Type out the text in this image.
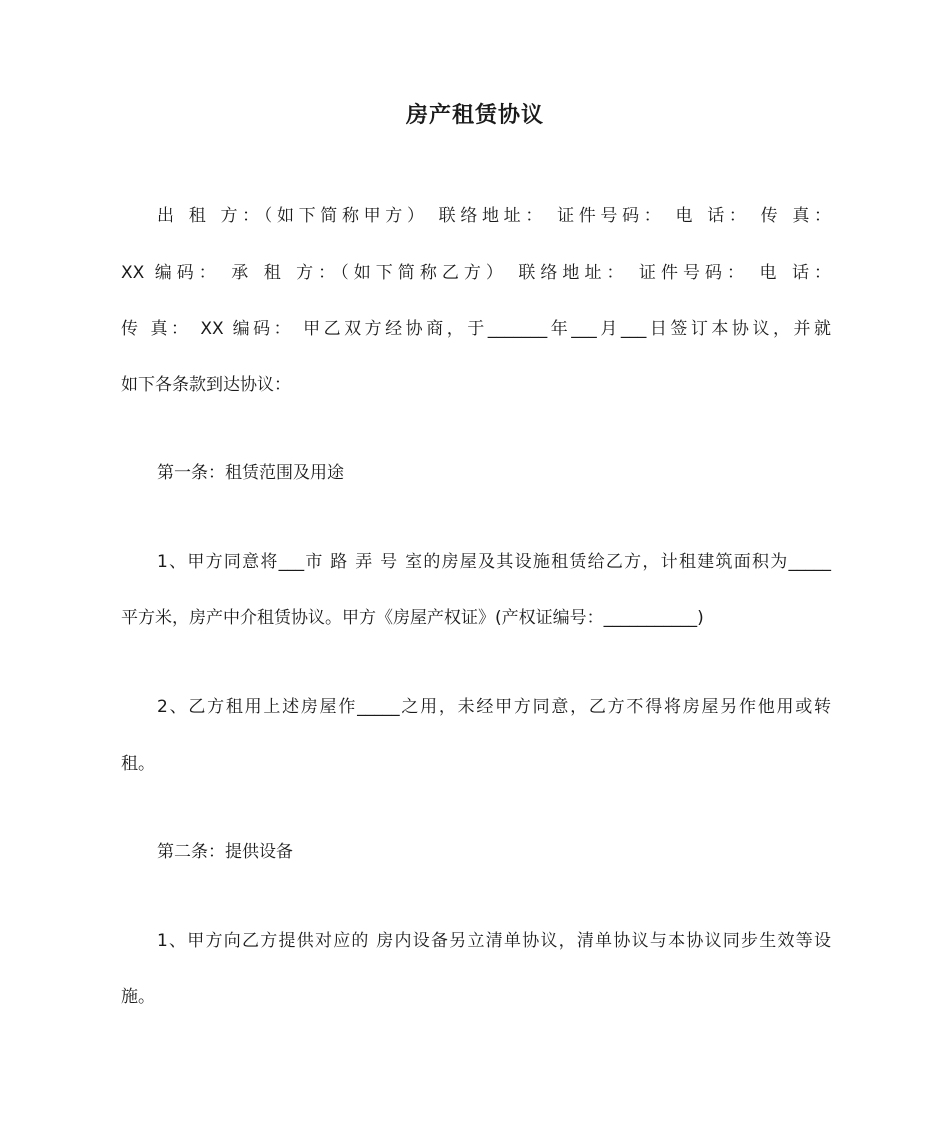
房产租赁协议
出 租 方：（如下简称甲方） 联络地址： 证件号码： 电 话： 传 真：
XX 编码： 承 租 方：（如下简称乙方） 联络地址： 证件号码： 电 话：
传 真： XX 编码： 甲乙双方经协商，于_______年___月___日签订本协议，并就
如下各条款到达协议：
第一条：租赁范围及用途
1、甲方同意将___市 路 弄 号 室的房屋及其设施租赁给乙方，计租建筑面积为_____
平方米，房产中介租赁协议。甲方《房屋产权证》(产权证编号：___________)
2、乙方租用上述房屋作_____之用，未经甲方同意，乙方不得将房屋另作他用或转
租。
第二条：提供设备
1、甲方向乙方提供对应的 房内设备另立清单协议，清单协议与本协议同步生效等设
施。
